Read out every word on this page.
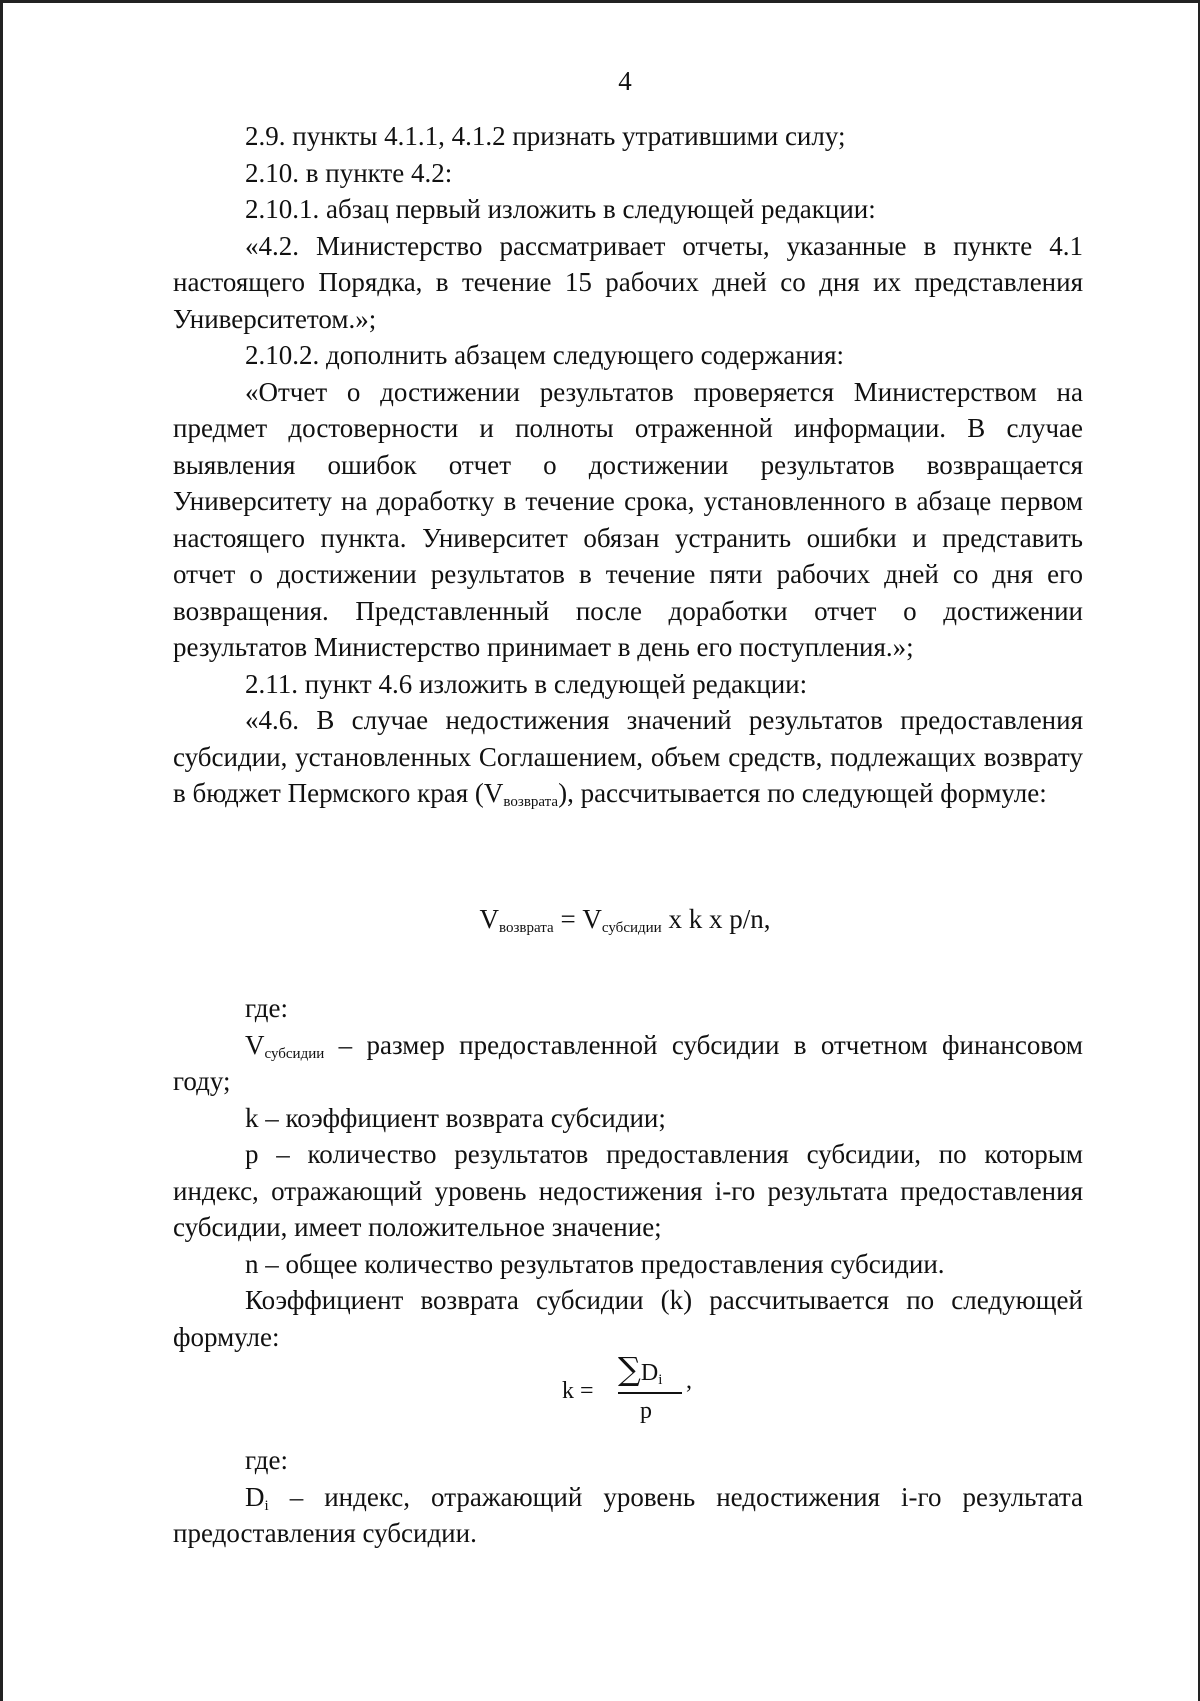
4

2.9. пункты 4.1.1, 4.1.2 признать утратившими силу;

2.10. в пункте 4.2:

2.10.1. абзац первый изложить в следующей редакции:

«4.2. Министерство рассматривает отчеты, указанные в пункте 4.1 настоящего Порядка, в течение 15 рабочих дней со дня их представления Университетом.»;

2.10.2. дополнить абзацем следующего содержания:

«Отчет о достижении результатов проверяется Министерством на предмет достоверности и полноты отраженной информации. В случае выявления ошибок отчет о достижении результатов возвращается Университету на доработку в течение срока, установленного в абзаце первом настоящего пункта. Университет обязан устранить ошибки и представить отчет о достижении результатов в течение пяти рабочих дней со дня его возвращения. Представленный после доработки отчет о достижении результатов Министерство принимает в день его поступления.»;

2.11. пункт 4.6 изложить в следующей редакции:

«4.6. В случае недостижения значений результатов предоставления субсидии, установленных Соглашением, объем средств, подлежащих возврату в бюджет Пермского края $(V_{возврата})$, рассчитывается по следующей формуле:

$V_{возврата} = V_{субсидии}$ x k x p/n,

где:

$V_{субсидии}$ – размер предоставленной субсидии в отчетном финансовом году;

k – коэффициент возврата субсидии;

p – количество результатов предоставления субсидии, по которым индекс, отражающий уровень недостижения i-го результата предоставления субсидии, имеет положительное значение;

n – общее количество результатов предоставления субсидии.

Коэффициент возврата субсидии (k) рассчитывается по следующей формуле:

k =
$\sum D_i$
p
,

где:

$D_i$ – индекс, отражающий уровень недостижения i-го результата предоставления субсидии.
